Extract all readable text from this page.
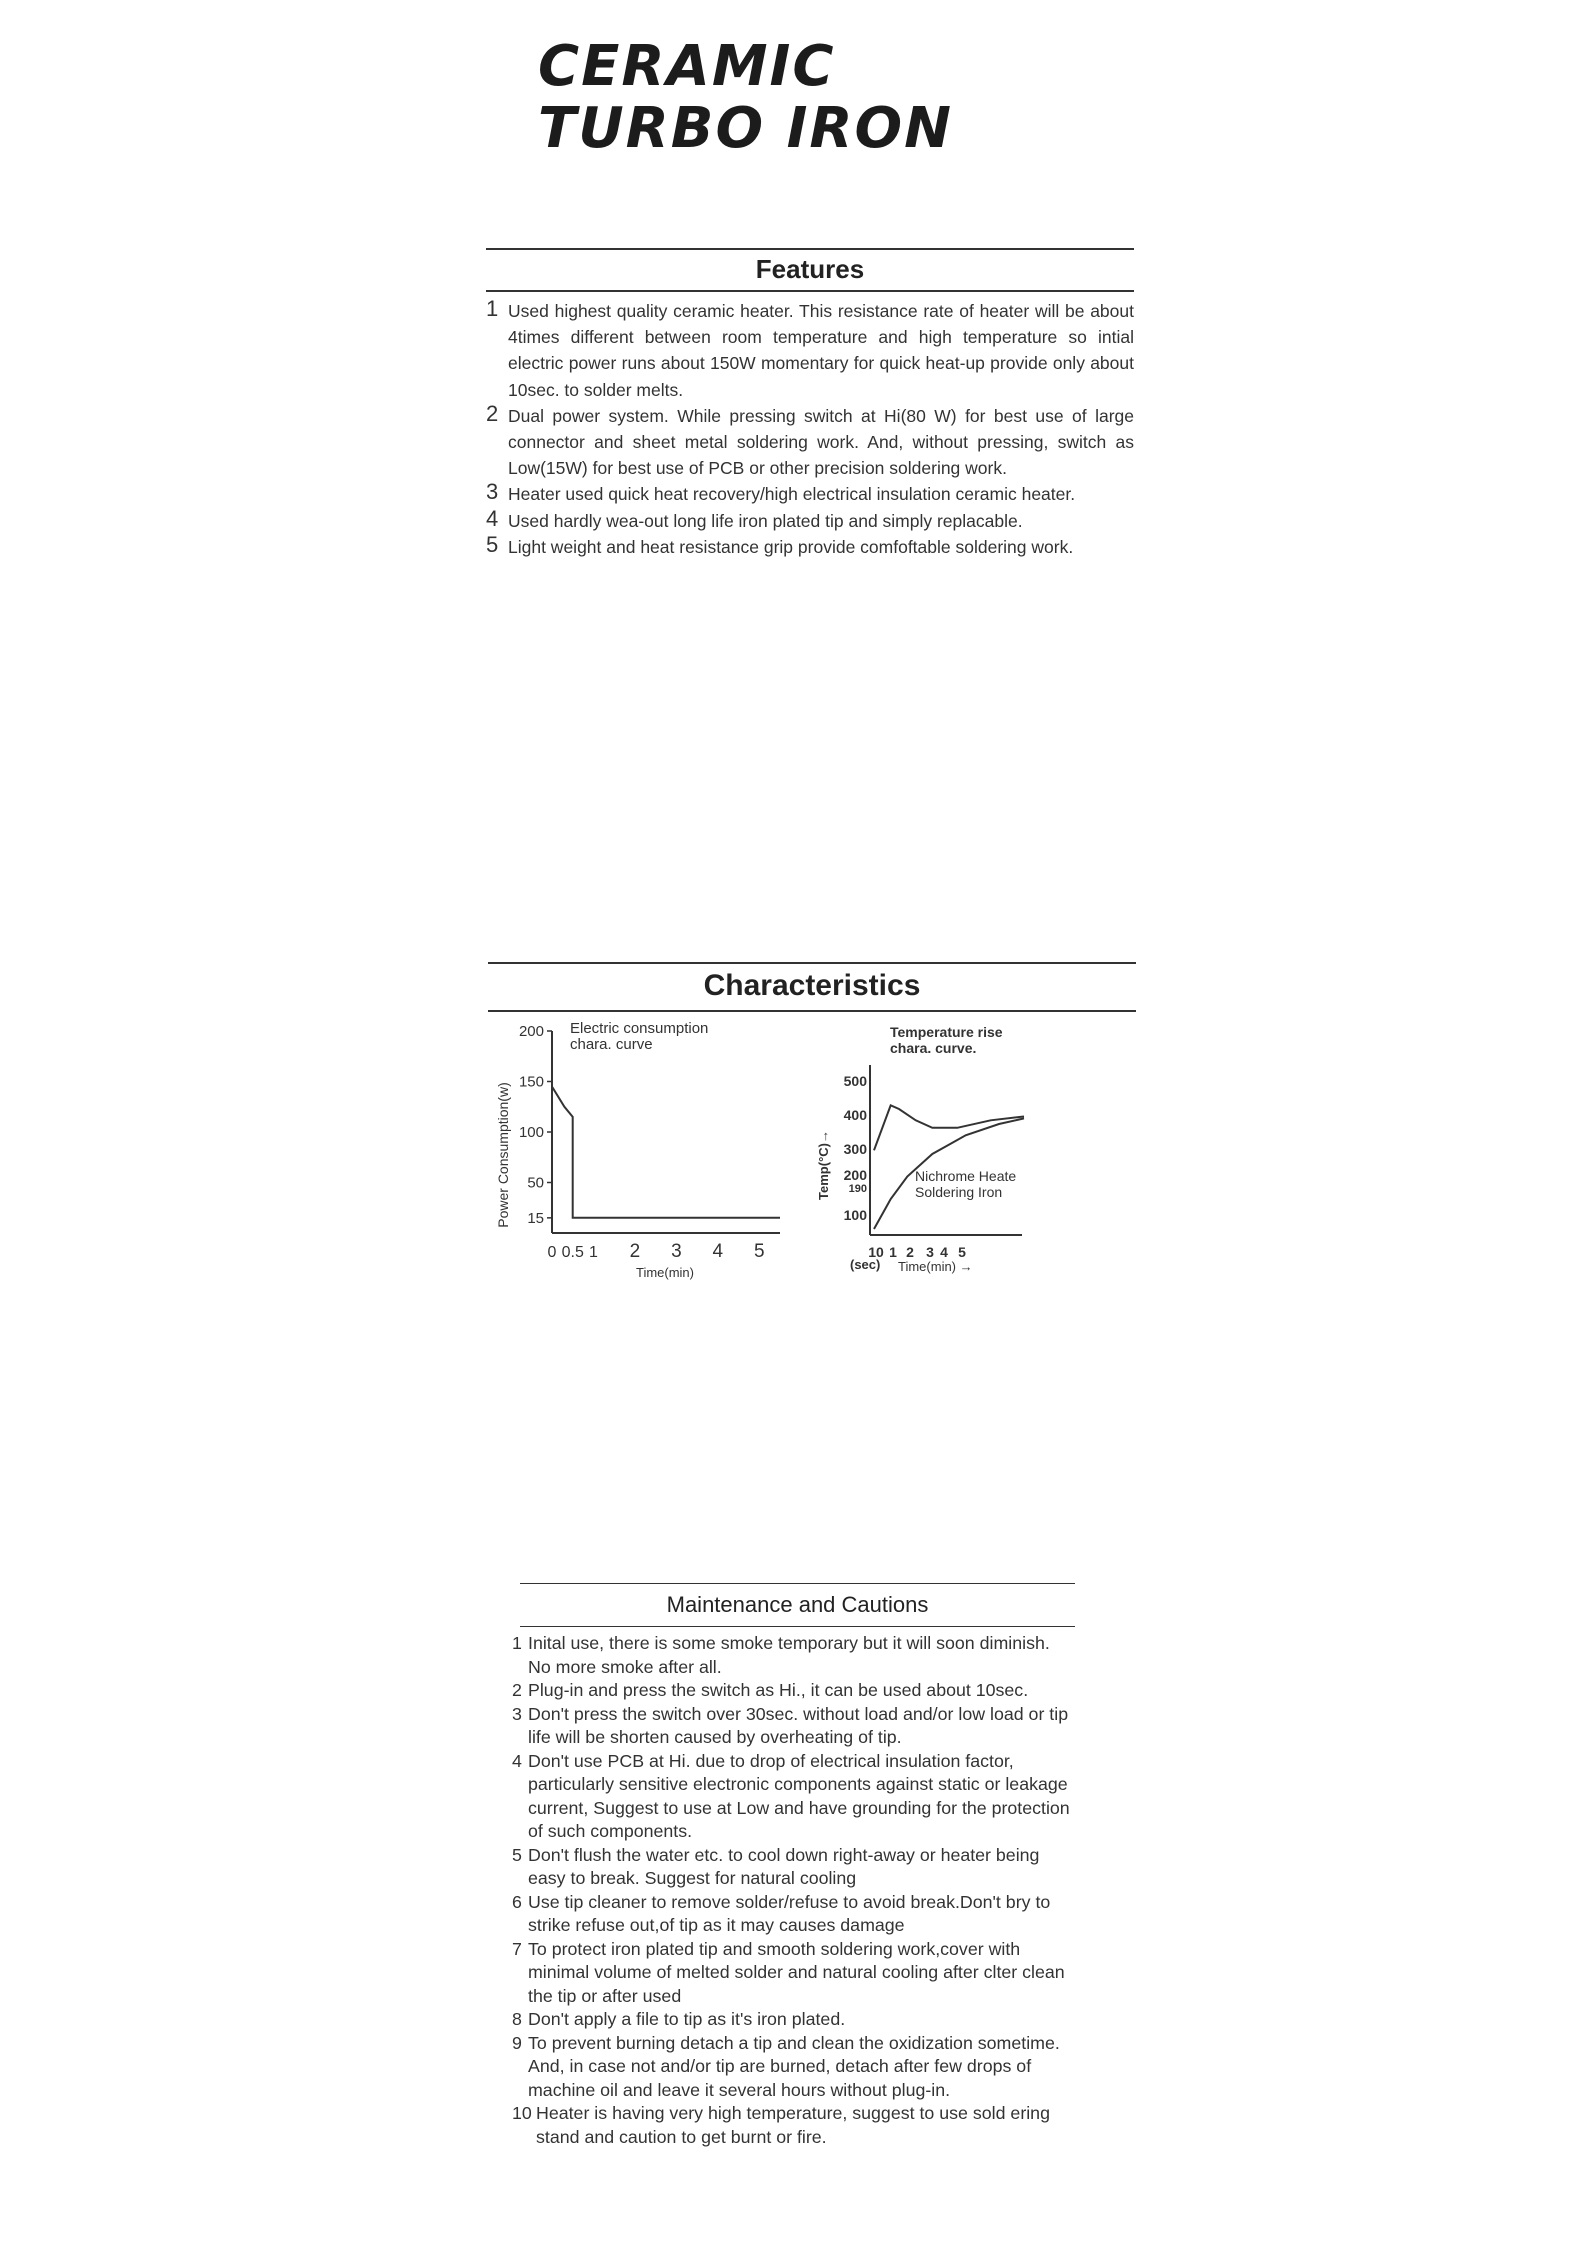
CERAMIC
TURBO IRON
Features
1 Used highest quality ceramic heater. This resistance rate of heater will be about 4times different between room temperature and high temperature so intial electric power runs about 150W momentary for quick heat-up provide only about 10sec. to solder melts.
2 Dual power system. While pressing switch at Hi(80 W) for best use of large connector and sheet metal soldering work. And, without pressing, switch as Low(15W) for best use of PCB or other precision soldering work.
3 Heater used quick heat recovery/high electrical insulation ceramic heater.
4 Used hardly wea-out long life iron plated tip and simply replacable.
5 Light weight and heat resistance grip provide comfoftable soldering work.
Characteristics
Electric consumption
chara. curve
Power Consumption(w)
200
150
100
50
15
0 0.5 1 2 3 4 5
Time(min)
Temperature rise
chara. curve.
Temp(°C)→
500
400
300
200
190
100
10 1 2 3 4 5
Nichrome Heate
Soldering Iron
(sec) Time(min) →
Maintenance and Cautions
1 Inital use, there is some smoke temporary but it will soon diminish. No more smoke after all.
2 Plug-in and press the switch as Hi., it can be used about 10sec.
3 Don't press the switch over 30sec. without load and/or low load or tip life will be shorten caused by overheating of tip.
4 Don't use PCB at Hi. due to drop of electrical insulation factor, particularly sensitive electronic components against static or leakage current, Suggest to use at Low and have grounding for the protection of such components.
5 Don't flush the water etc. to cool down right-away or heater being easy to break. Suggest for natural cooling
6 Use tip cleaner to remove solder/refuse to avoid break.Don't bry to strike refuse out,of tip as it may causes damage
7 To protect iron plated tip and smooth soldering work,cover with minimal volume of melted solder and natural cooling after clter clean the tip or after used
8 Don't apply a file to tip as it's iron plated.
9 To prevent burning detach a tip and clean the oxidization sometime. And, in case not and/or tip are burned, detach after few drops of machine oil and leave it several hours without plug-in.
10 Heater is having very high temperature, suggest to use sold ering stand and caution to get burnt or fire.
